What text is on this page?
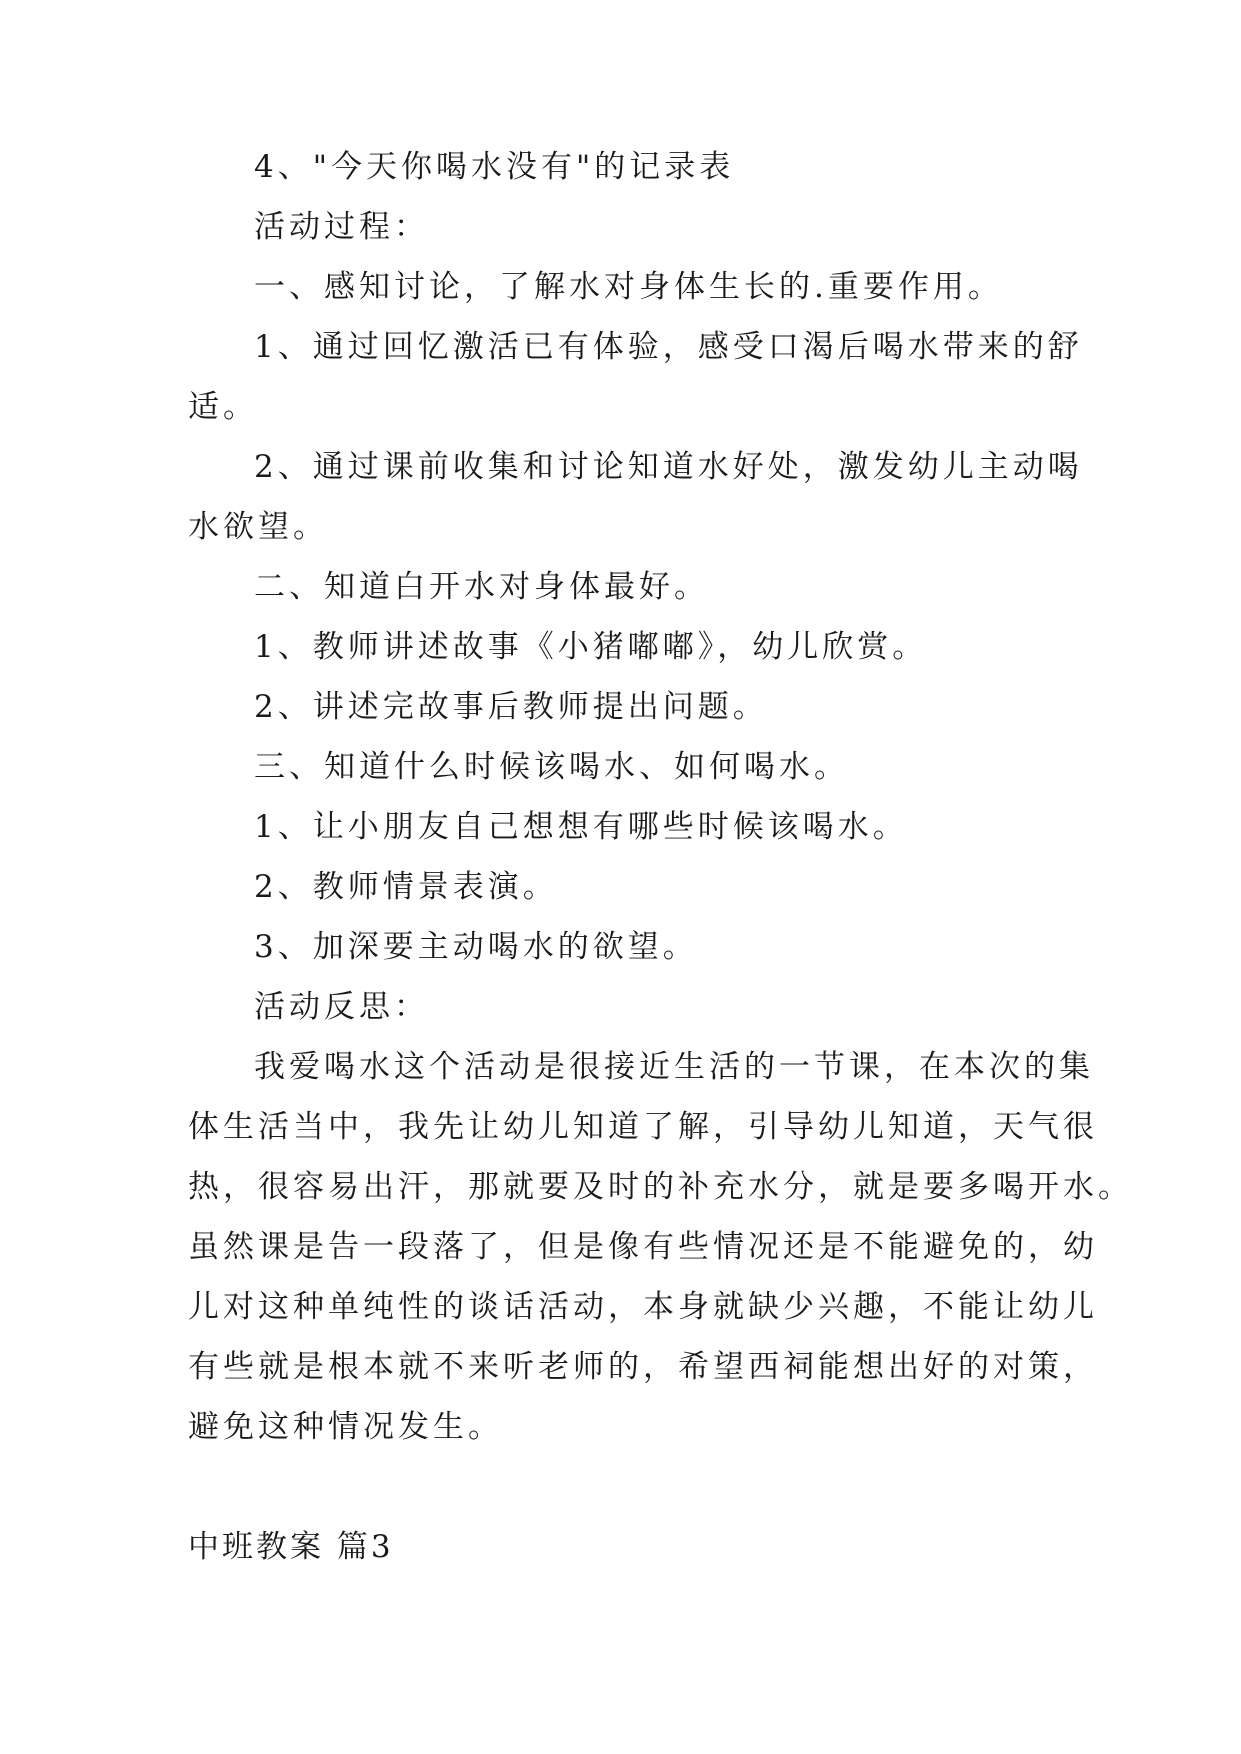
4、"今天你喝水没有"的记录表
活动过程：
一、感知讨论，了解水对身体生长的.重要作用。
1、通过回忆激活已有体验，感受口渴后喝水带来的舒
适。
2、通过课前收集和讨论知道水好处，激发幼儿主动喝
水欲望。
二、知道白开水对身体最好。
1、教师讲述故事《小猪嘟嘟》，幼儿欣赏。
2、讲述完故事后教师提出问题。
三、知道什么时候该喝水、如何喝水。
1、让小朋友自己想想有哪些时候该喝水。
2、教师情景表演。
3、加深要主动喝水的欲望。
活动反思：
我爱喝水这个活动是很接近生活的一节课，在本次的集
体生活当中，我先让幼儿知道了解，引导幼儿知道，天气很
热，很容易出汗，那就要及时的补充水分，就是要多喝开水。
虽然课是告一段落了，但是像有些情况还是不能避免的，幼
儿对这种单纯性的谈话活动，本身就缺少兴趣，不能让幼儿
有些就是根本就不来听老师的，希望西祠能想出好的对策，
避免这种情况发生。
中班教案 篇3
